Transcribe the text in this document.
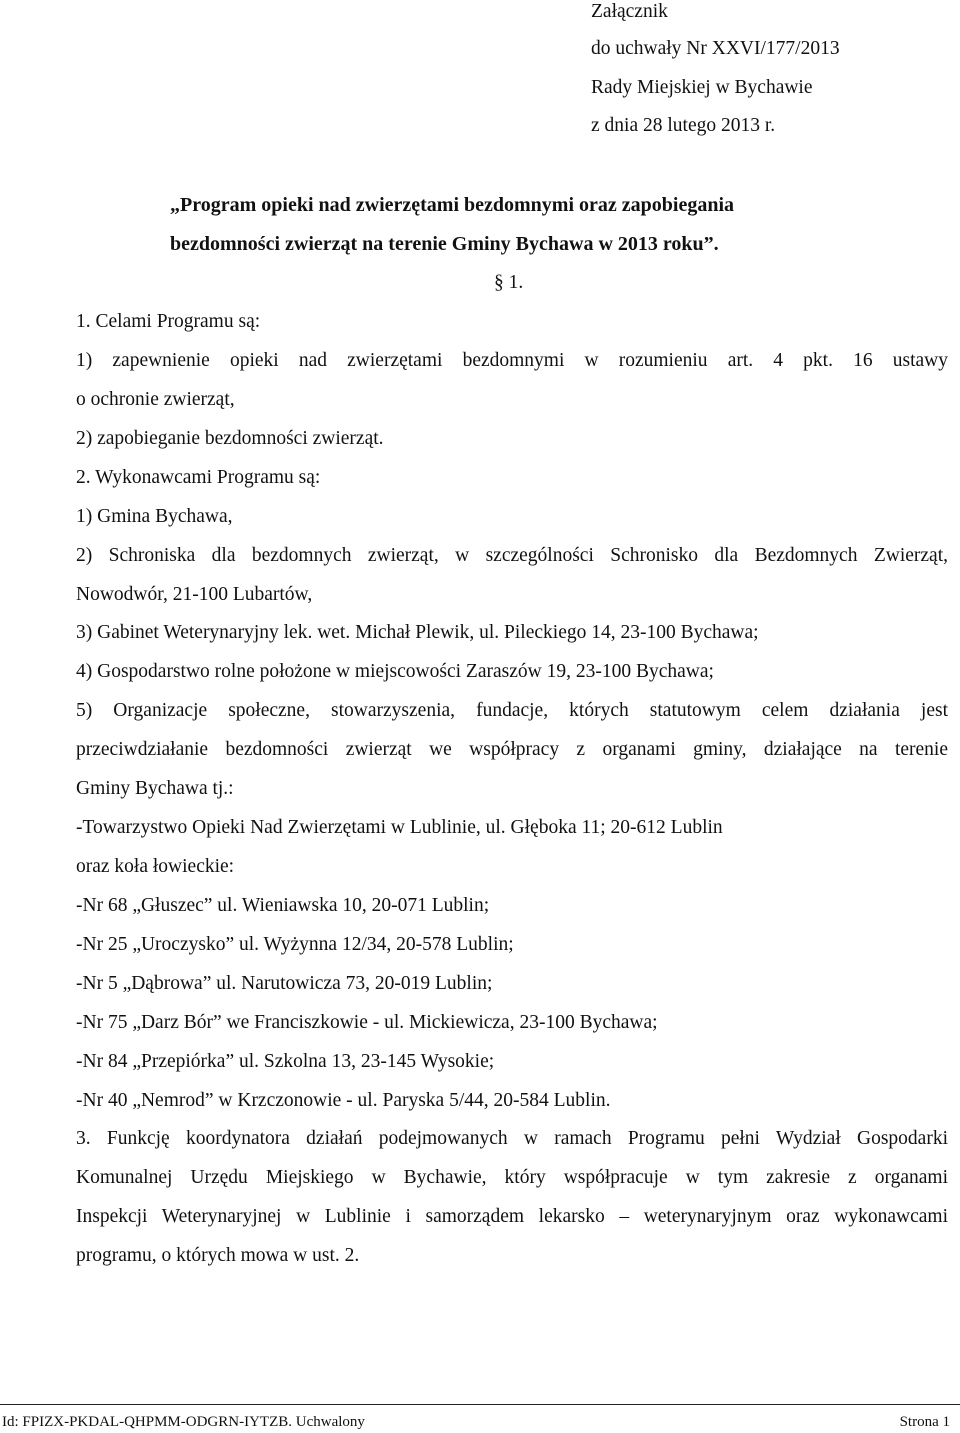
Załącznik
do uchwały Nr XXVI/177/2013
Rady Miejskiej w Bychawie
z dnia 28 lutego 2013 r.
„Program opieki nad zwierzętami bezdomnymi oraz zapobiegania
bezdomności zwierząt na terenie Gminy Bychawa w 2013 roku”.
§ 1.
1. Celami Programu są:
1) zapewnienie opieki nad zwierzętami bezdomnymi w rozumieniu art. 4 pkt. 16 ustawy
o ochronie zwierząt,
2) zapobieganie bezdomności zwierząt.
2. Wykonawcami Programu są:
1) Gmina Bychawa,
2) Schroniska dla bezdomnych zwierząt, w szczególności Schronisko dla Bezdomnych Zwierząt,
Nowodwór, 21-100 Lubartów,
3) Gabinet Weterynaryjny lek. wet. Michał Plewik, ul. Pileckiego 14, 23-100 Bychawa;
4) Gospodarstwo rolne położone w miejscowości Zaraszów 19, 23-100 Bychawa;
5) Organizacje społeczne, stowarzyszenia, fundacje, których statutowym celem działania jest
przeciwdziałanie bezdomności zwierząt we współpracy z organami gminy, działające na terenie
Gminy Bychawa tj.:
-Towarzystwo Opieki Nad Zwierzętami w Lublinie, ul. Głęboka 11; 20-612 Lublin
oraz koła łowieckie:
-Nr 68 „Głuszec” ul. Wieniawska 10, 20-071 Lublin;
-Nr 25 „Uroczysko” ul. Wyżynna 12/34, 20-578 Lublin;
-Nr 5 „Dąbrowa” ul. Narutowicza 73, 20-019 Lublin;
-Nr 75 „Darz Bór” we Franciszkowie - ul. Mickiewicza, 23-100 Bychawa;
-Nr 84 „Przepiórka” ul. Szkolna 13, 23-145 Wysokie;
-Nr 40 „Nemrod” w Krzczonowie - ul. Paryska 5/44, 20-584 Lublin.
3. Funkcję koordynatora działań podejmowanych w ramach Programu pełni Wydział Gospodarki
Komunalnej Urzędu Miejskiego w Bychawie, który współpracuje w tym zakresie z organami
Inspekcji Weterynaryjnej w Lublinie i samorządem lekarsko – weterynaryjnym oraz wykonawcami
programu, o których mowa w ust. 2.
Id: FPIZX-PKDAL-QHPMM-ODGRN-IYTZB. Uchwalony	Strona 1
